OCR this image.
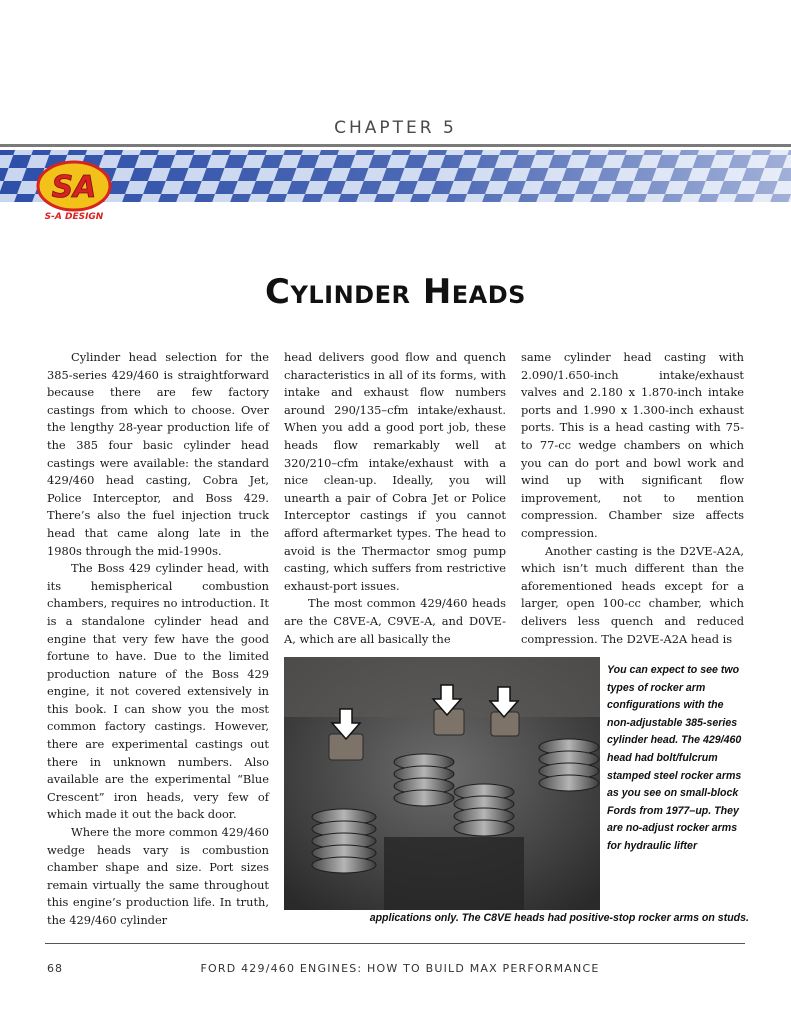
CHAPTER 5
SA
S-A DESIGN
Cylinder Heads

Cylinder head selection for the 385-series 429/460 is straightforward because there are few factory castings from which to choose. Over the lengthy 28-year production life of the 385 four basic cylinder head castings were available: the standard 429/460 head casting, Cobra Jet, Police Interceptor, and Boss 429. There’s also the fuel injection truck head that came along late in the 1980s through the mid-1990s.

The Boss 429 cylinder head, with its hemispherical combustion chambers, requires no introduction. It is a standalone cylinder head and engine that very few have the good fortune to have. Due to the limited production nature of the Boss 429 engine, it not covered extensively in this book. I can show you the most common factory castings. However, there are experimental castings out there in unknown numbers. Also available are the experimental “Blue Crescent” iron heads, very few of which made it out the back door.

Where the more common 429/460 wedge heads vary is combustion chamber shape and size. Port sizes remain virtually the same throughout this engine’s production life. In truth, the 429/460 cylinder

head delivers good flow and quench characteristics in all of its forms, with intake and exhaust flow numbers around 290/135–cfm intake/exhaust. When you add a good port job, these heads flow remarkably well at 320/210–cfm intake/exhaust with a nice clean-up. Ideally, you will unearth a pair of Cobra Jet or Police Interceptor castings if you cannot afford aftermarket types. The head to avoid is the Thermactor smog pump casting, which suffers from restrictive exhaust-port issues.

The most common 429/460 heads are the C8VE-A, C9VE-A, and D0VE-A, which are all basically the

same cylinder head casting with 2.090/1.650-inch intake/exhaust valves and 2.180 x 1.870-inch intake ports and 1.990 x 1.300-inch exhaust ports. This is a head casting with 75- to 77-cc wedge chambers on which you can do port and bowl work and wind up with significant flow improvement, not to mention compression. Chamber size affects compression.

Another casting is the D2VE-A2A, which isn’t much different than the aforementioned heads except for a larger, open 100-cc chamber, which delivers less quench and reduced compression. The D2VE-A2A head is

You can expect to see two types of rocker arm configurations with the non-adjustable 385-series cylinder head. The 429/460 head had bolt/fulcrum stamped steel rocker arms as you see on small-block Fords from 1977–up. They are no-adjust rocker arms for hydraulic lifter
applications only. The C8VE heads had positive-stop rocker arms on studs.
68	FORD 429/460 ENGINES: HOW TO BUILD MAX PERFORMANCE
